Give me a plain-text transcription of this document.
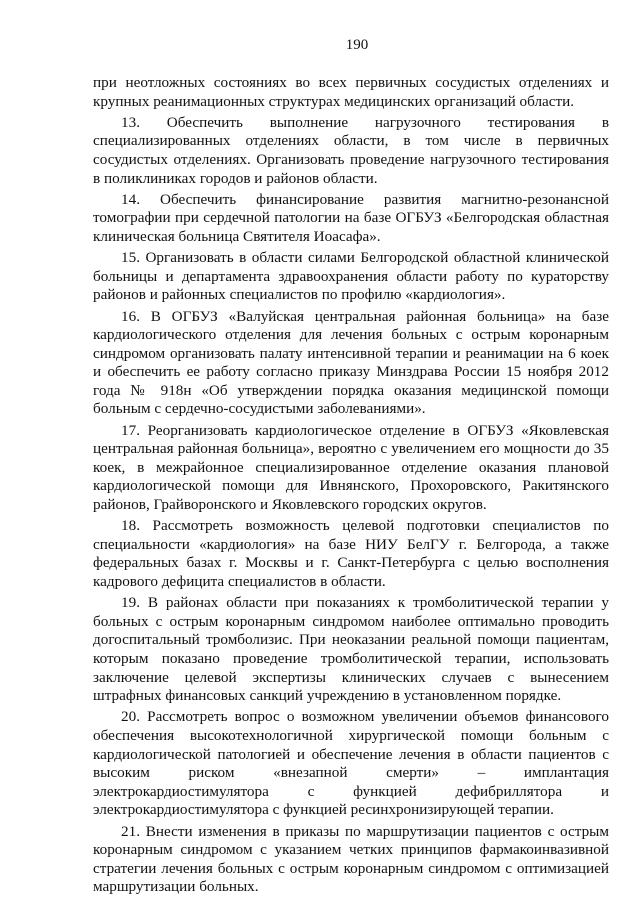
190

при неотложных состояниях во всех первичных сосудистых отделениях и крупных реанимационных структурах медицинских организаций области.

13. Обеспечить выполнение нагрузочного тестирования в специализированных отделениях области, в том числе в первичных сосудистых отделениях. Организовать проведение нагрузочного тестирования в поликлиниках городов и районов области.

14. Обеспечить финансирование развития магнитно-резонансной томографии при сердечной патологии на базе ОГБУЗ «Белгородская областная клиническая больница Святителя Иоасафа».

15. Организовать в области силами Белгородской областной клинической больницы и департамента здравоохранения области работу по кураторству районов и районных специалистов по профилю «кардиология».

16. В ОГБУЗ «Валуйская центральная районная больница» на базе кардиологического отделения для лечения больных с острым коронарным синдромом организовать палату интенсивной терапии и реанимации на 6 коек и обеспечить ее работу согласно приказу Минздрава России 15 ноября 2012 года № 918н «Об утверждении порядка оказания медицинской помощи больным с сердечно-сосудистыми заболеваниями».

17. Реорганизовать кардиологическое отделение в ОГБУЗ «Яковлевская центральная районная больница», вероятно с увеличением его мощности до 35 коек, в межрайонное специализированное отделение оказания плановой кардиологической помощи для Ивнянского, Прохоровского, Ракитянского районов, Грайворонского и Яковлевского городских округов.

18. Рассмотреть возможность целевой подготовки специалистов по специальности «кардиология» на базе НИУ БелГУ г. Белгорода, а также федеральных базах г. Москвы и г. Санкт-Петербурга с целью восполнения кадрового дефицита специалистов в области.

19. В районах области при показаниях к тромболитической терапии у больных с острым коронарным синдромом наиболее оптимально проводить догоспитальный тромболизис. При неоказании реальной помощи пациентам, которым показано проведение тромболитической терапии, использовать заключение целевой экспертизы клинических случаев с вынесением штрафных финансовых санкций учреждению в установленном порядке.

20. Рассмотреть вопрос о возможном увеличении объемов финансового обеспечения высокотехнологичной хирургической помощи больным с кардиологической патологией и обеспечение лечения в области пациентов с высоким риском «внезапной смерти» – имплантация электрокардиостимулятора с функцией дефибриллятора и электрокардиостимулятора с функцией ресинхронизирующей терапии.

21. Внести изменения в приказы по маршрутизации пациентов с острым коронарным синдромом с указанием четких принципов фармакоинвазивной стратегии лечения больных с острым коронарным синдромом с оптимизацией маршрутизации больных.
